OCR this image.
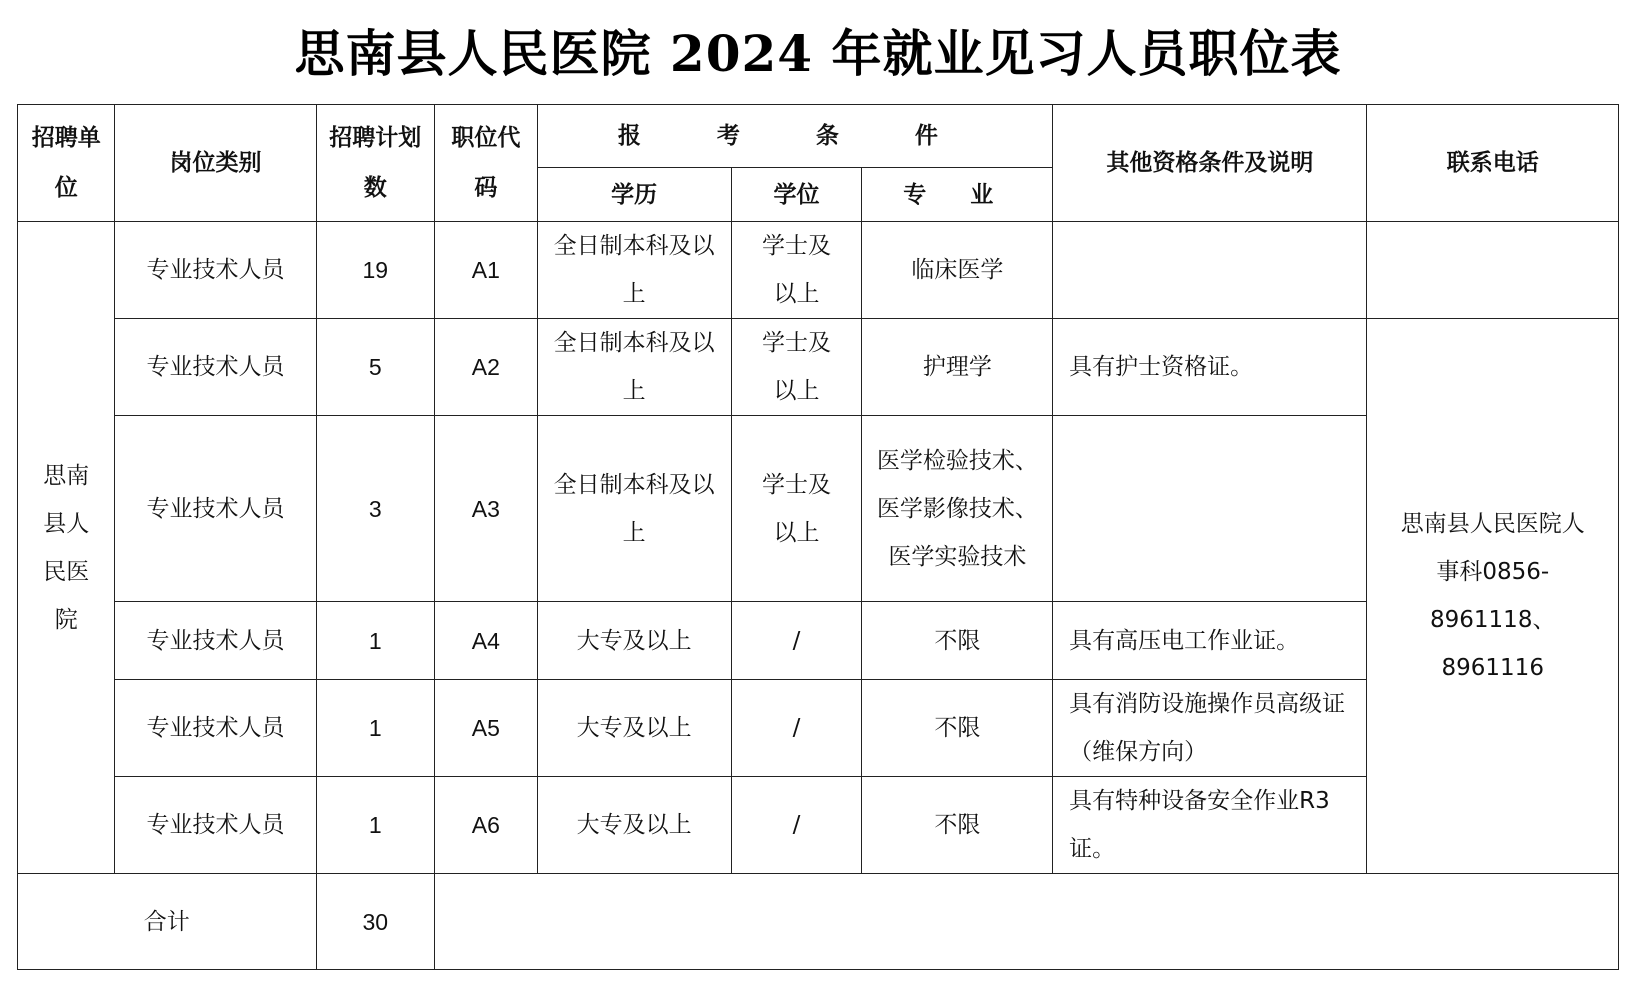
思南县人民医院 2024 年就业见习人员职位表
招聘单位	岗位类别	招聘计划数	职位代码	报 考 条 件			其他资格条件及说明	联系电话
				学历	学位	专 业		
思南县人民医院	专业技术人员	19	A1	全日制本科及以上	学士及以上	临床医学		
	专业技术人员	5	A2	全日制本科及以上	学士及以上	护理学	具有护士资格证。	思南县人民医院人事科0856-8961118、8961116
	专业技术人员	3	A3	全日制本科及以上	学士及以上	医学检验技术、医学影像技术、医学实验技术		
	专业技术人员	1	A4	大专及以上	/	不限	具有高压电工作业证。	
	专业技术人员	1	A5	大专及以上	/	不限	具有消防设施操作员高级证（维保方向）	
	专业技术人员	1	A6	大专及以上	/	不限	具有特种设备安全作业R3证。	
合计		30						
